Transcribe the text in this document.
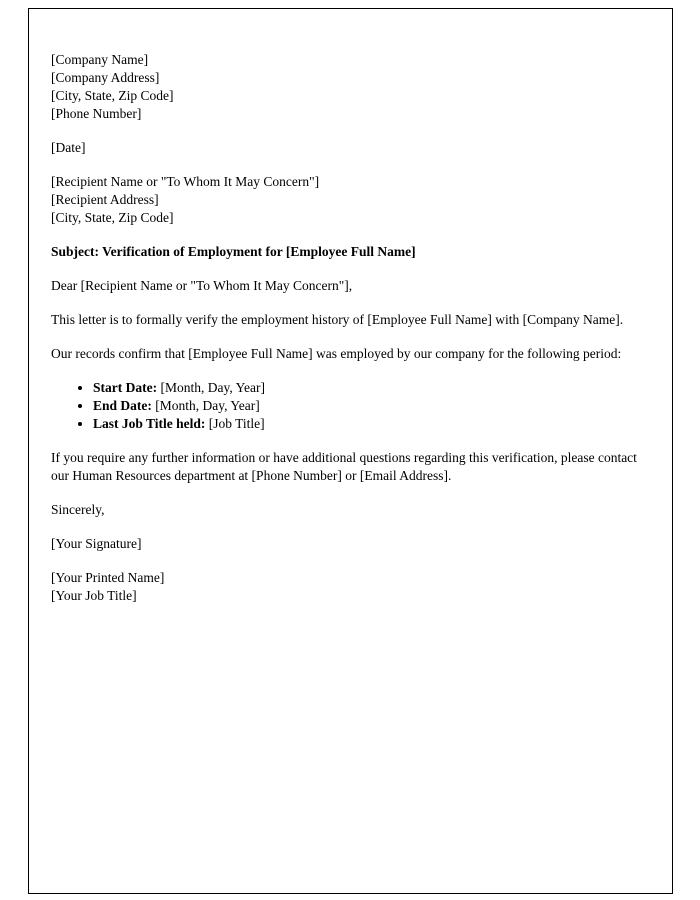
[Company Name]
[Company Address]
[City, State, Zip Code]
[Phone Number]
[Date]
[Recipient Name or "To Whom It May Concern"]
[Recipient Address]
[City, State, Zip Code]
Subject: Verification of Employment for [Employee Full Name]
Dear [Recipient Name or "To Whom It May Concern"],
This letter is to formally verify the employment history of [Employee Full Name] with [Company Name].
Our records confirm that [Employee Full Name] was employed by our company for the following period:
• Start Date: [Month, Day, Year]
• End Date: [Month, Day, Year]
• Last Job Title held: [Job Title]
If you require any further information or have additional questions regarding this verification, please contact our Human Resources department at [Phone Number] or [Email Address].
Sincerely,
[Your Signature]
[Your Printed Name]
[Your Job Title]
